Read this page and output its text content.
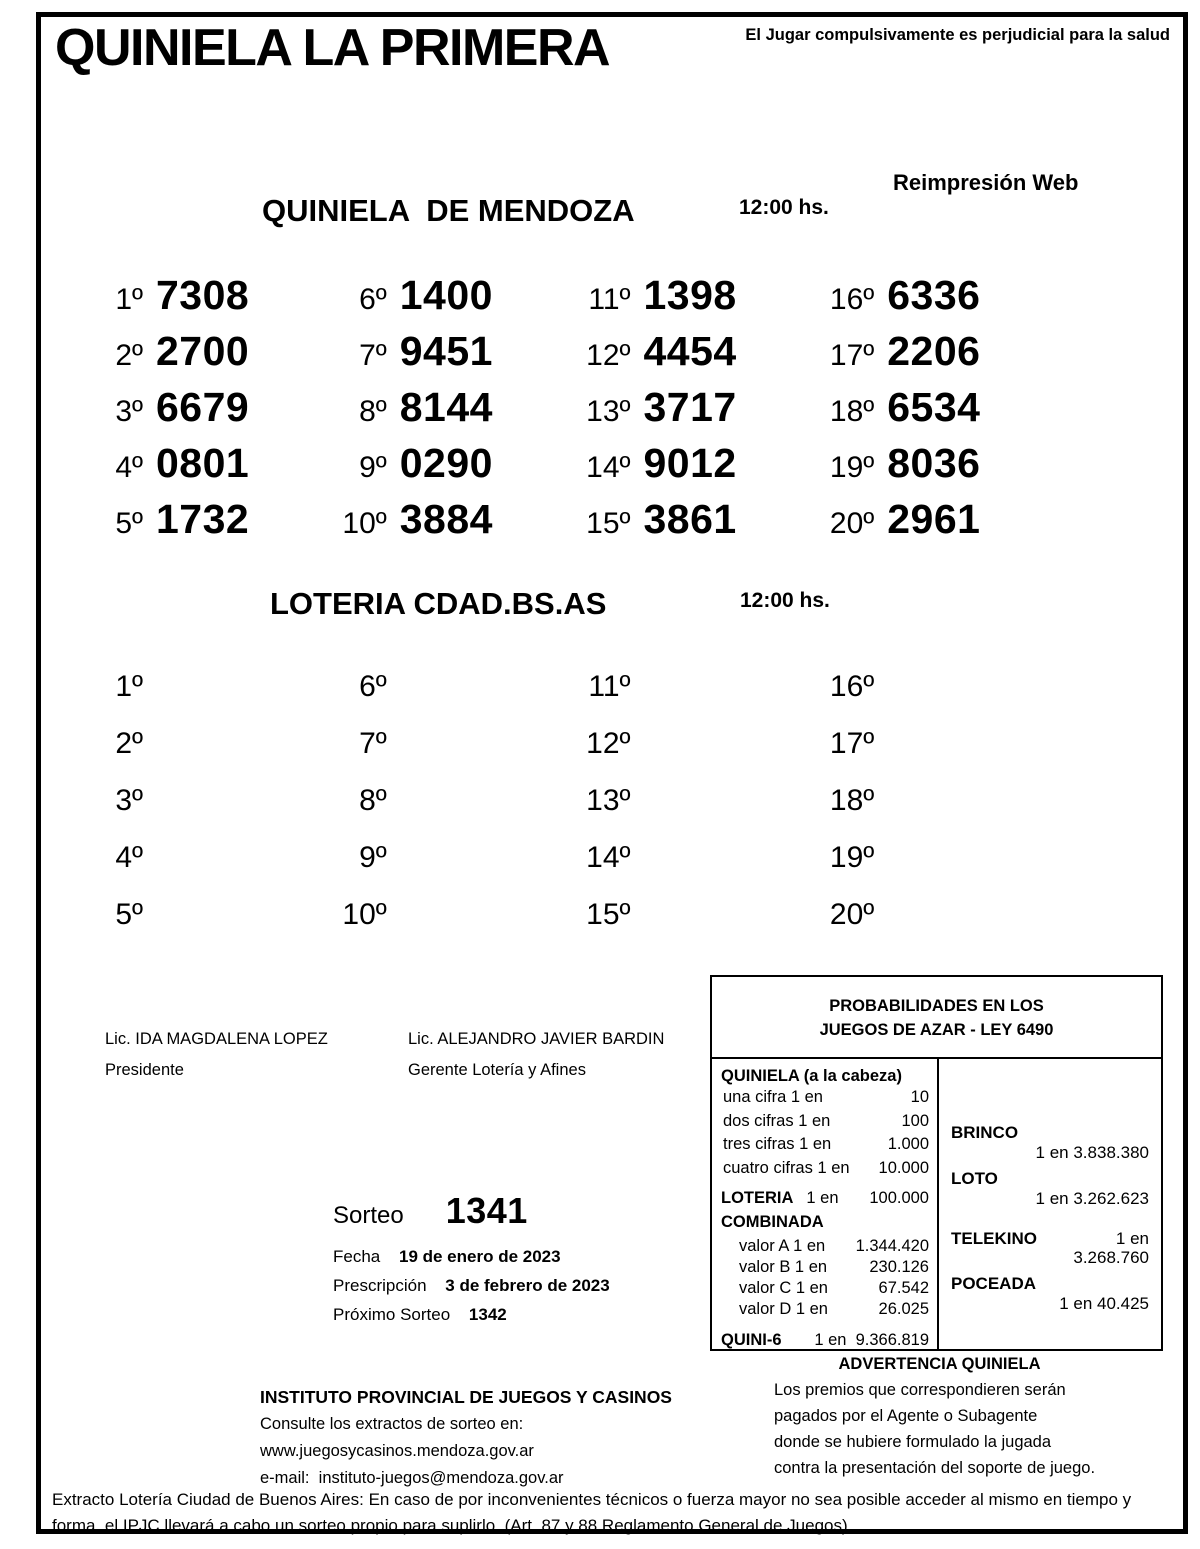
QUINIELA LA PRIMERA	El Jugar compulsivamente es perjudicial para la salud
QUINIELA  DE MENDOZA	12:00 hs.
Reimpresión Web
1º 7308
2º 2700
3º 6679
4º 0801
5º 1732
6º 1400
7º 9451
8º 8144
9º 0290
10º 3884
11º 1398
12º 4454
13º 3717
14º 9012
15º 3861
16º 6336
17º 2206
18º 6534
19º 8036
20º 2961
LOTERIA CDAD.BS.AS	12:00 hs.
1º
2º
3º
4º
5º
6º
7º
8º
9º
10º
11º
12º
13º
14º
15º
16º
17º
18º
19º
20º
Lic. IDA MAGDALENA LOPEZ
Presidente
Lic. ALEJANDRO JAVIER BARDIN
Gerente Lotería y Afines
PROBABILIDADES EN LOS
JUEGOS DE AZAR - LEY 6490
QUINIELA (a la cabeza)
una cifra 1 en	10
dos cifras 1 en	100
tres cifras 1 en	1.000
cuatro cifras 1 en 10.000
LOTERIA 1 en 100.000
COMBINADA
valor A 1 en 1.344.420
valor B 1 en	230.126
valor C 1 en	67.542
valor D 1 en	26.025
QUINI-6 1 en  9.366.819
BRINCO
1 en 3.838.380
LOTO
1 en 3.262.623
TELEKINO	1 en 3.268.760
POCEADA
1 en 40.425
Sorteo 1341
Fecha 19 de enero de 2023
Prescripción 3 de febrero de 2023
Próximo Sorteo 1342
INSTITUTO PROVINCIAL DE JUEGOS Y CASINOS
Consulte los extractos de sorteo en:
www.juegosycasinos.mendoza.gov.ar
e-mail:  instituto-juegos@mendoza.gov.ar
ADVERTENCIA QUINIELA
Los premios que correspondieren serán
pagados por el Agente o Subagente
donde se hubiere formulado la jugada
contra la presentación del soporte de juego.
Extracto Lotería Ciudad de Buenos Aires: En caso de por inconvenientes técnicos o fuerza mayor no sea posible acceder al mismo en tiempo y
forma, el IPJC llevará a cabo un sorteo propio para suplirlo. (Art. 87 y 88 Reglamento General de Juegos)
